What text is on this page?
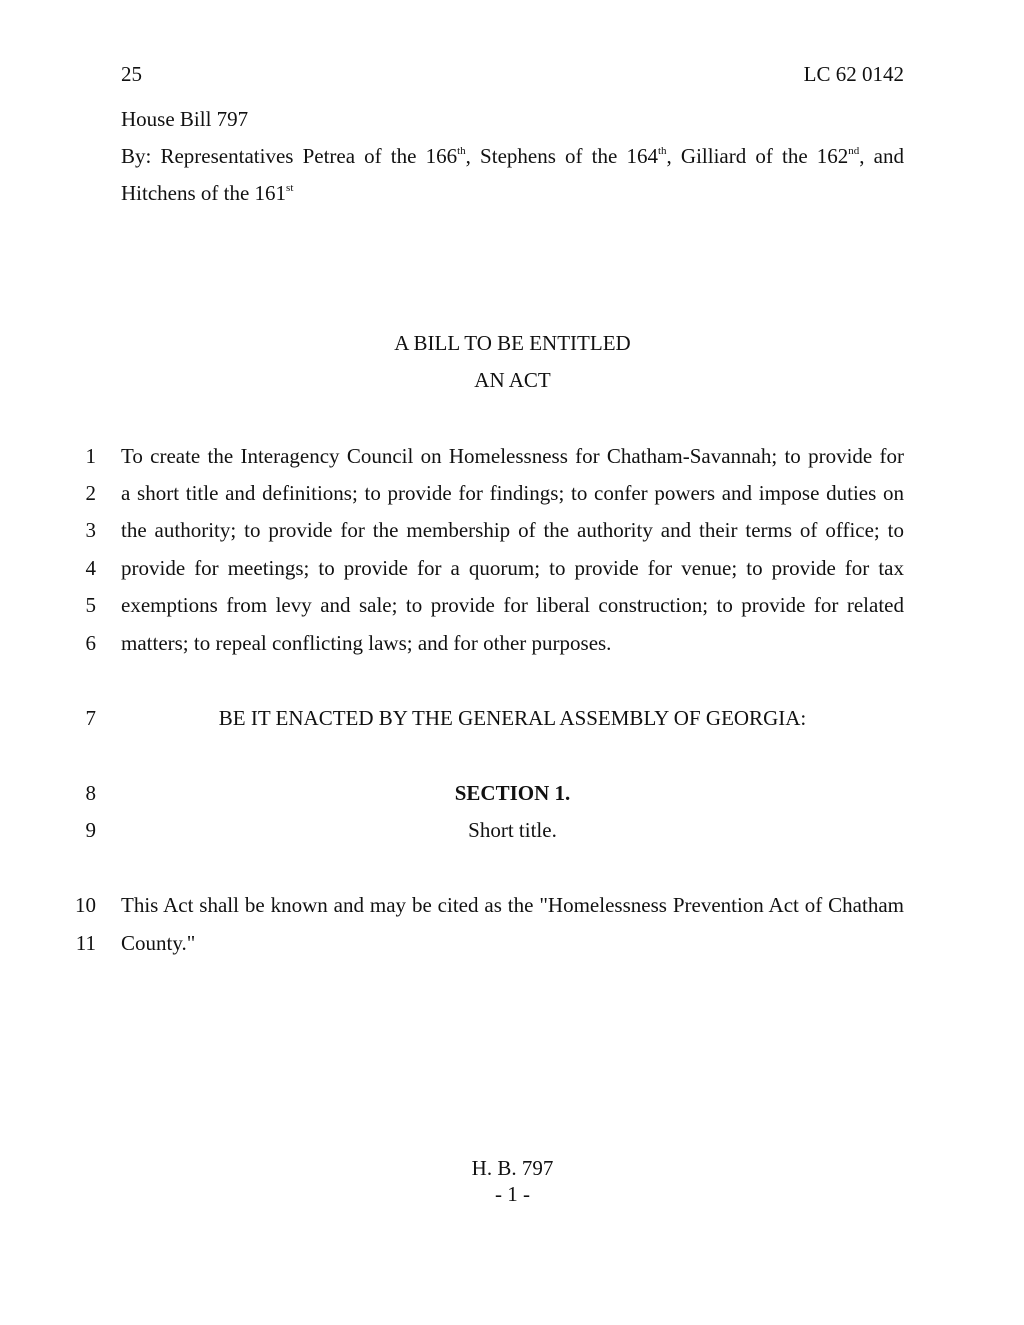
25	LC 62 0142
House Bill 797
By: Representatives Petrea of the 166th, Stephens of the 164th, Gilliard of the 162nd, and
Hitchens of the 161st
A BILL TO BE ENTITLED
AN ACT
1 To create the Interagency Council on Homelessness for Chatham-Savannah; to provide for
2 a short title and definitions; to provide for findings; to confer powers and impose duties on
3 the authority; to provide for the membership of the authority and their terms of office; to
4 provide for meetings; to provide for a quorum; to provide for venue; to provide for tax
5 exemptions from levy and sale; to provide for liberal construction; to provide for related
6 matters; to repeal conflicting laws; and for other purposes.
7	BE IT ENACTED BY THE GENERAL ASSEMBLY OF GEORGIA:
8	SECTION 1.
9	Short title.
10 This Act shall be known and may be cited as the "Homelessness Prevention Act of Chatham
11 County."
H. B. 797
- 1 -
